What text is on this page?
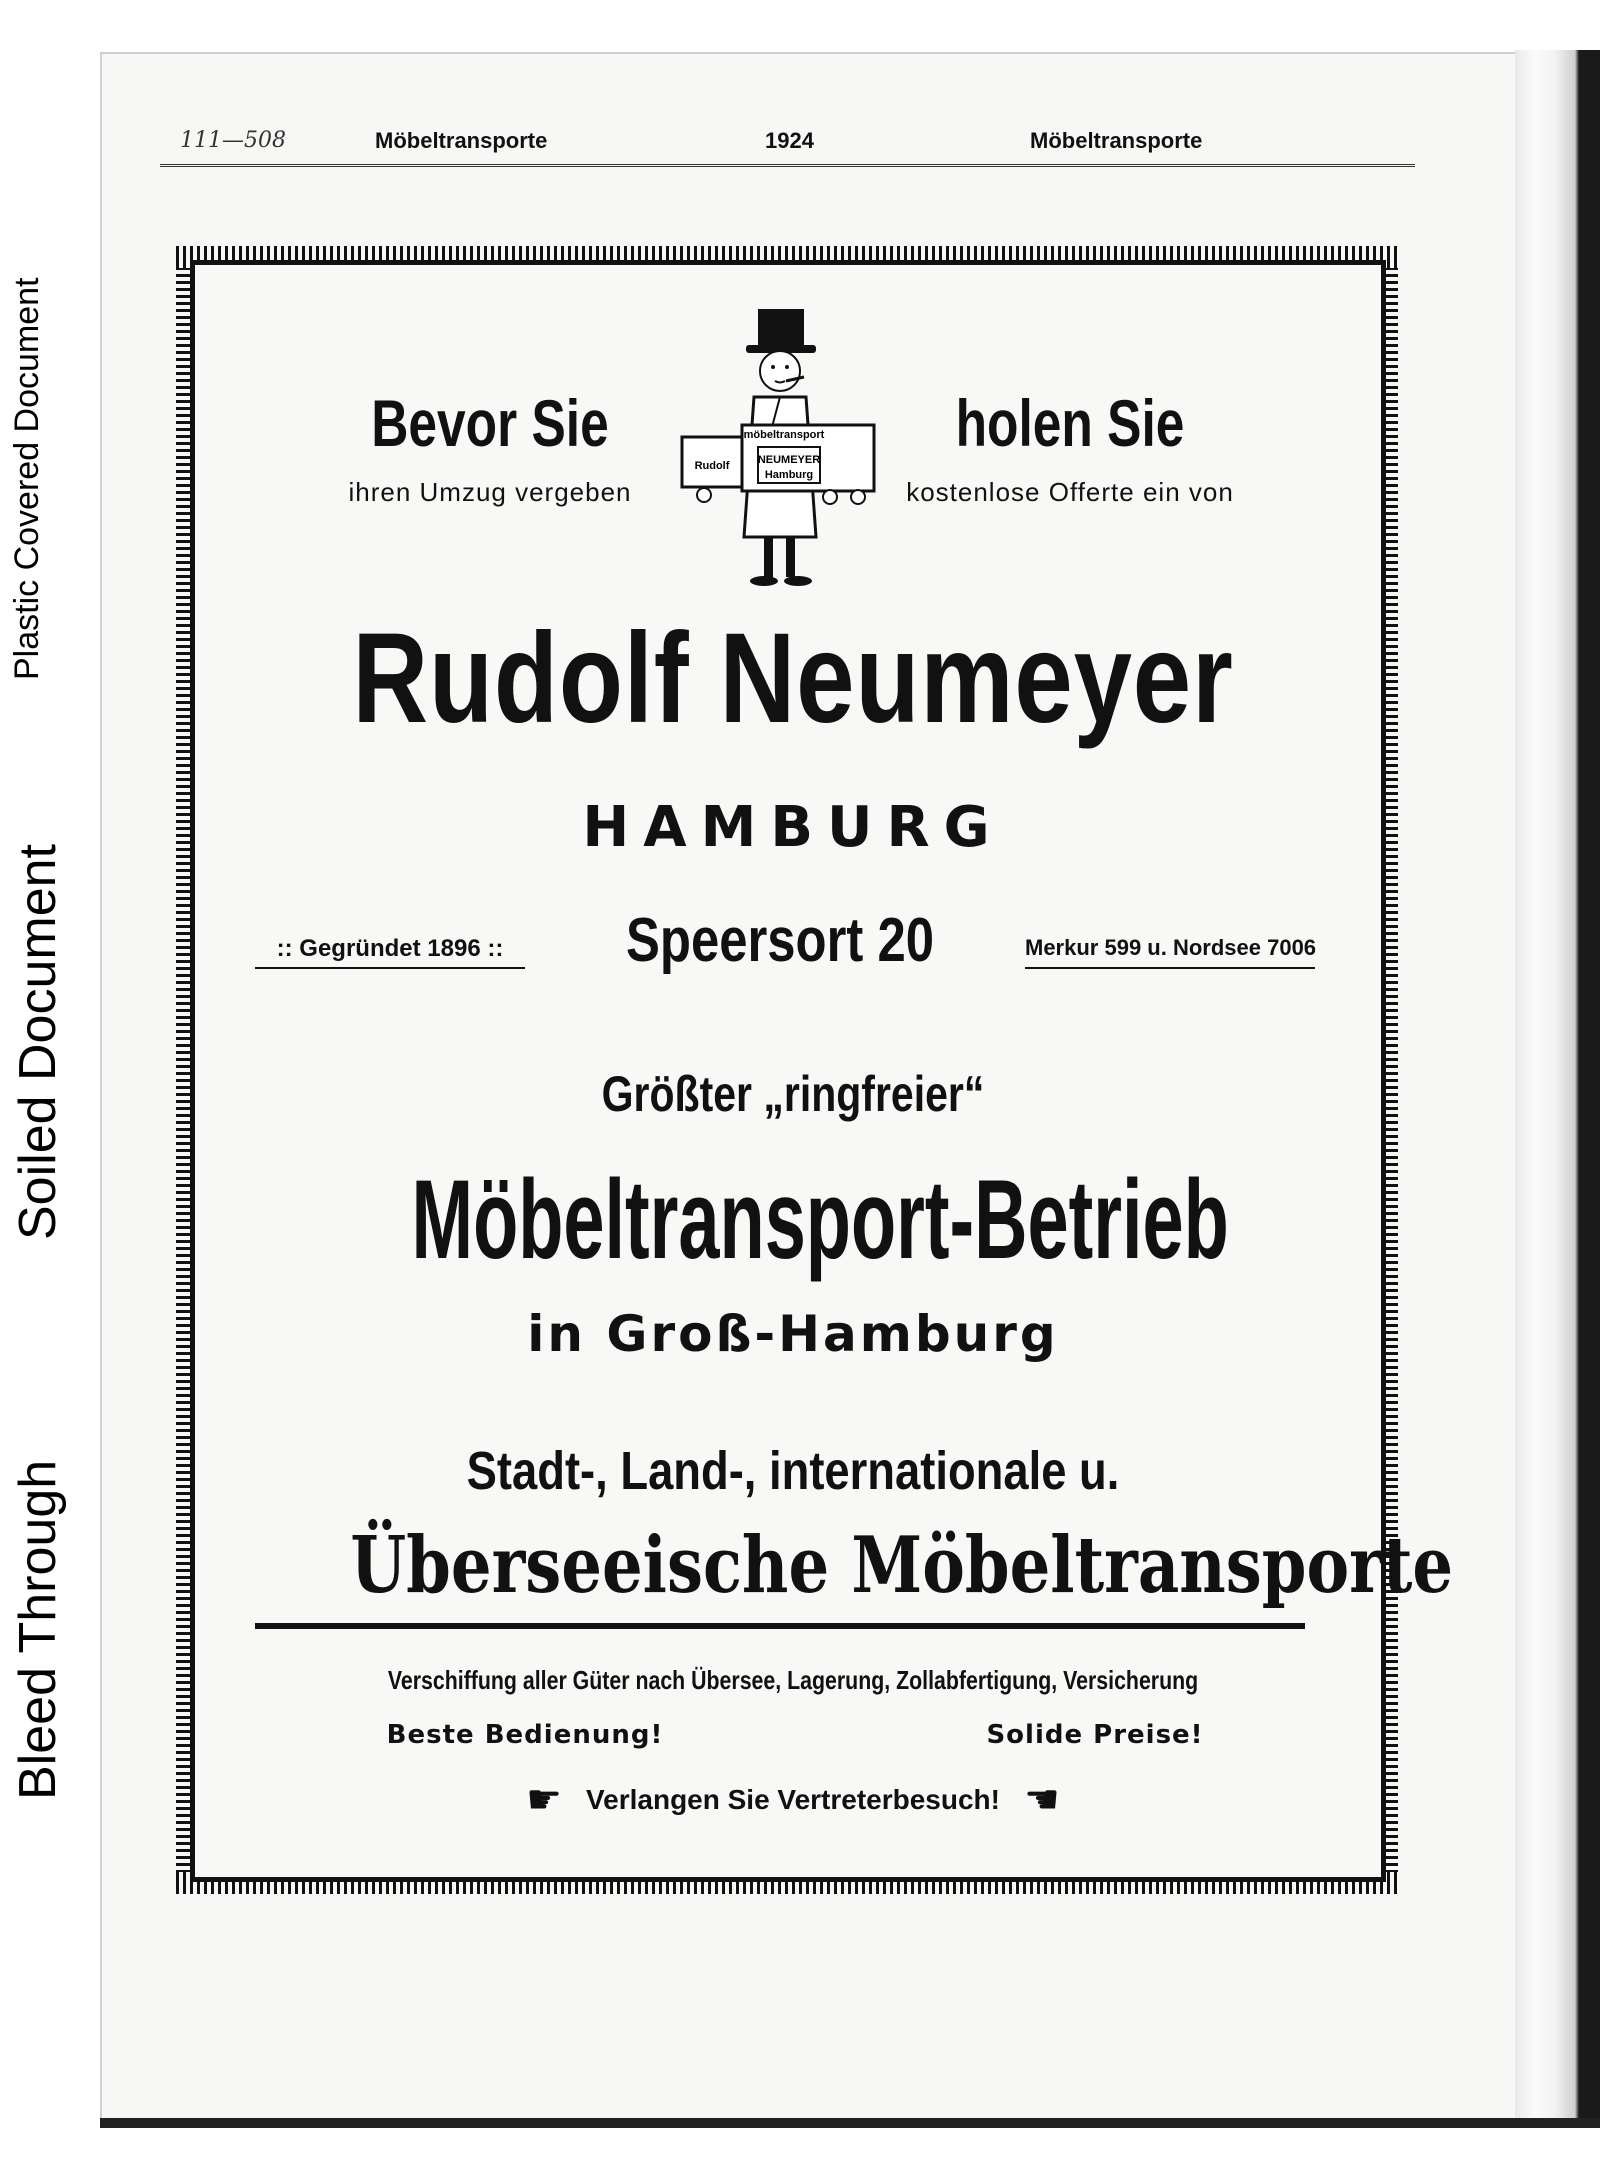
Plastic Covered Document
Soiled Document
Bleed Through
111—508	Möbeltransporte	1924	Möbeltransporte
Bevor Sie
ihren Umzug vergeben
möbeltransport
Rudolf	NEUMEYER
Hamburg
holen Sie
kostenlose Offerte ein von
Rudolf Neumeyer
HAMBURG
:: Gegründet 1896 ::	Speersort 20	Merkur 599 u. Nordsee 7006
Größter „ringfreier“
Möbeltransport-Betrieb
in Groß-Hamburg
Stadt-, Land-, internationale u.
Überseeische Möbeltransporte
Verschiffung aller Güter nach Übersee, Lagerung, Zollabfertigung, Versicherung
Beste Bedienung!	Solide Preise!
☛ Verlangen Sie Vertreterbesuch! ☛
